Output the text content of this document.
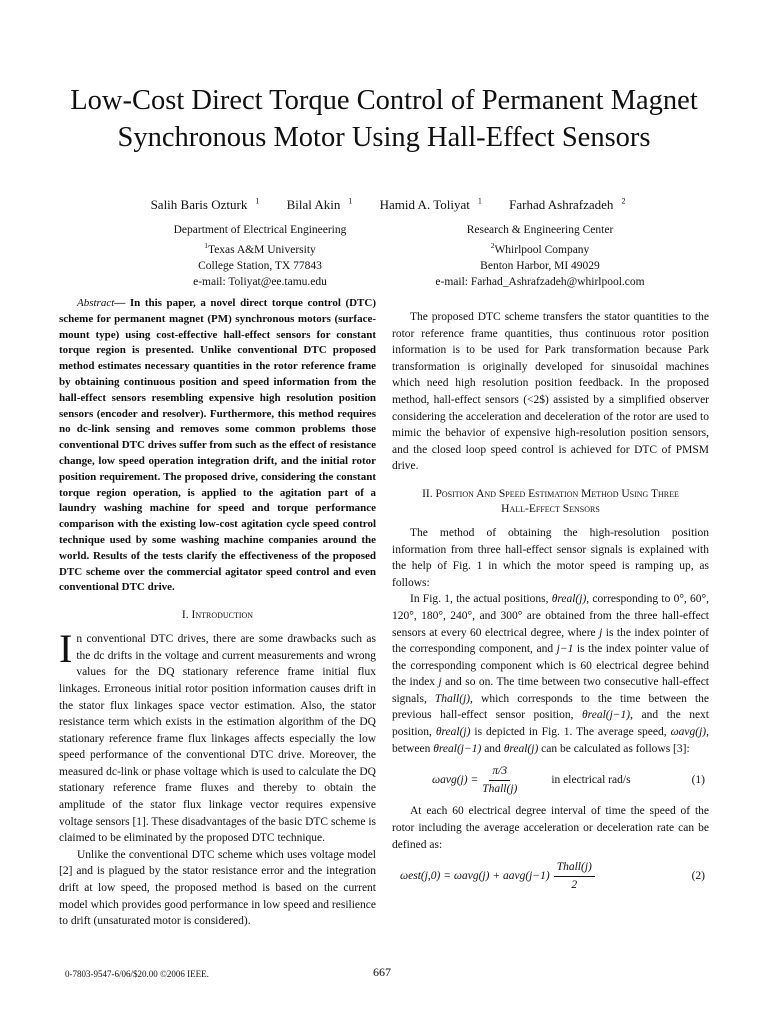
Low-Cost Direct Torque Control of Permanent Magnet Synchronous Motor Using Hall-Effect Sensors
Salih Baris Ozturk $^1$ Bilal Akin $^1$ Hamid A. Toliyat $^1$ Farhad Ashrafzadeh $^2$
Department of Electrical Engineering
$^1$Texas A&M University
College Station, TX 77843
e-mail: Toliyat@ee.tamu.edu
Research & Engineering Center
$^2$Whirlpool Company
Benton Harbor, MI 49029
e-mail: Farhad_Ashrafzadeh@whirlpool.com

Abstract— In this paper, a novel direct torque control (DTC) scheme for permanent magnet (PM) synchronous motors (surface-mount type) using cost-effective hall-effect sensors for constant torque region is presented. Unlike conventional DTC proposed method estimates necessary quantities in the rotor reference frame by obtaining continuous position and speed information from the hall-effect sensors resembling expensive high resolution position sensors (encoder and resolver). Furthermore, this method requires no dc-link sensing and removes some common problems those conventional DTC drives suffer from such as the effect of resistance change, low speed operation integration drift, and the initial rotor position requirement. The proposed drive, considering the constant torque region operation, is applied to the agitation part of a laundry washing machine for speed and torque performance comparison with the existing low-cost agitation cycle speed control technique used by some washing machine companies around the world. Results of the tests clarify the effectiveness of the proposed DTC scheme over the commercial agitator speed control and even conventional DTC drive.

I. Introduction

In conventional DTC drives, there are some drawbacks such as the dc drifts in the voltage and current measurements and wrong values for the DQ stationary reference frame initial flux linkages. Erroneous initial rotor position information causes drift in the stator flux linkages space vector estimation. Also, the stator resistance term which exists in the estimation algorithm of the DQ stationary reference frame flux linkages affects especially the low speed performance of the conventional DTC drive. Moreover, the measured dc-link or phase voltage which is used to calculate the DQ stationary reference frame fluxes and thereby to obtain the amplitude of the stator flux linkage vector requires expensive voltage sensors [1]. These disadvantages of the basic DTC scheme is claimed to be eliminated by the proposed DTC technique.

Unlike the conventional DTC scheme which uses voltage model [2] and is plagued by the stator resistance error and the integration drift at low speed, the proposed method is based on the current model which provides good performance in low speed and resilience to drift (unsaturated motor is considered).

The proposed DTC scheme transfers the stator quantities to the rotor reference frame quantities, thus continuous rotor position information is to be used for Park transformation because Park transformation is originally developed for sinusoidal machines which need high resolution position feedback. In the proposed method, hall-effect sensors (<2$) assisted by a simplified observer considering the acceleration and deceleration of the rotor are used to mimic the behavior of expensive high-resolution position sensors, and the closed loop speed control is achieved for DTC of PMSM drive.

II. Position And Speed Estimation Method Using Three
Hall-Effect Sensors

The method of obtaining the high-resolution position information from three hall-effect sensor signals is explained with the help of Fig. 1 in which the motor speed is ramping up, as follows:

In Fig. 1, the actual positions, θreal(j), corresponding to 0°, 60°, 120°, 180°, 240°, and 300° are obtained from the three hall-effect sensors at every 60 electrical degree, where j is the index pointer of the corresponding component, and j−1 is the index pointer value of the corresponding component which is 60 electrical degree behind the index j and so on. The time between two consecutive hall-effect signals, Thall(j), which corresponds to the time between the previous hall-effect sensor position, θreal(j−1), and the next position, θreal(j) is depicted in Fig. 1. The average speed, ωavg(j), between θreal(j−1) and θreal(j) can be calculated as follows [3]:

$\omega avg(j) = \frac{\pi/3}{\text{Thall(j)}}$	in electrical rad/s	(1)

At each 60 electrical degree interval of time the speed of the rotor including the average acceleration or deceleration rate can be defined as:

ωest(j,0) = ωavg(j) + aavg(j−1) $\frac{\text{Thall(j)}}{2}$	(2)
0-7803-9547-6/06/$20.00 ©2006 IEEE.	667
